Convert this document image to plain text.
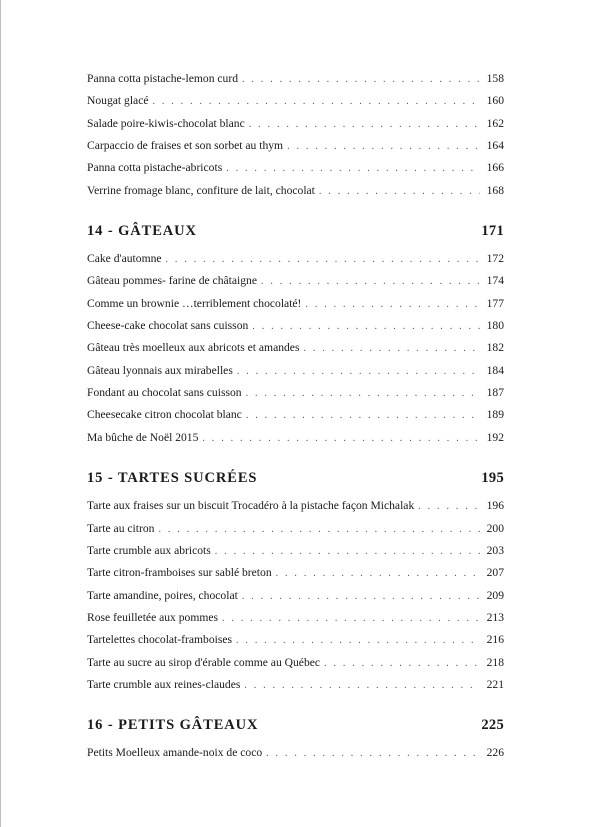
Panna cotta pistache-lemon curd . . .	158
Nougat glacé . . .	160
Salade poire-kiwis-chocolat blanc . . .	162
Carpaccio de fraises et son sorbet au thym . . .	164
Panna cotta pistache-abricots . . .	166
Verrine fromage blanc, confiture de lait, chocolat . . .	168
14 - GÂTEAUX	171
Cake d'automne . . .	172
Gâteau pommes- farine de châtaigne . . .	174
Comme un brownie …terriblement chocolaté! . . .	177
Cheese-cake chocolat sans cuisson . . .	180
Gâteau très moelleux aux abricots et amandes . . .	182
Gâteau lyonnais aux mirabelles . . .	184
Fondant au chocolat sans cuisson . . .	187
Cheesecake citron chocolat blanc . . .	189
Ma bûche de Noël 2015 . . .	192
15 - TARTES SUCRÉES	195
Tarte aux fraises sur un biscuit Trocadéro à la pistache façon Michalak . . .	196
Tarte au citron . . .	200
Tarte crumble aux abricots . . .	203
Tarte citron-framboises sur sablé breton . . .	207
Tarte amandine, poires, chocolat . . .	209
Rose feuilletée aux pommes . . .	213
Tartelettes chocolat-framboises . . .	216
Tarte au sucre au sirop d'érable comme au Québec . . .	218
Tarte crumble aux reines-claudes . . .	221
16 - PETITS GÂTEAUX	225
Petits Moelleux amande-noix de coco . . .	226
